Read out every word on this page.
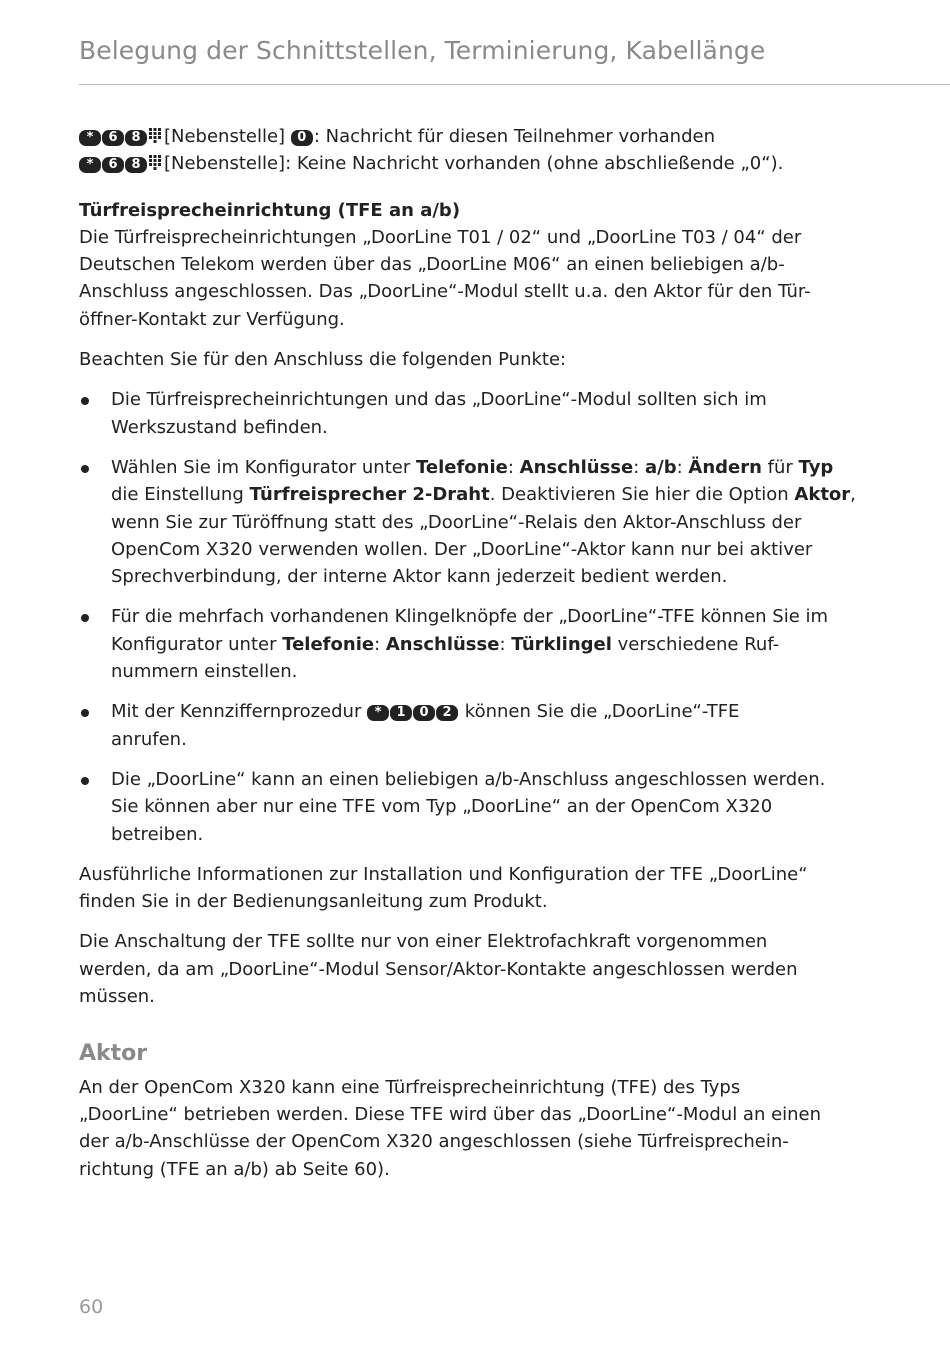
Belegung der Schnittstellen, Terminierung, Kabellänge
* 6 8 [Nebenstelle] 0 : Nachricht für diesen Teilnehmer vorhanden
* 6 8 [Nebenstelle]: Keine Nachricht vorhanden (ohne abschließende „0“).

Türfreisprecheinrichtung (TFE an a/b)
Die Türfreisprecheinrichtungen „DoorLine T01 / 02“ und „DoorLine T03 / 04“ der
Deutschen Telekom werden über das „DoorLine M06“ an einen beliebigen a/b-
Anschluss angeschlossen. Das „DoorLine“-Modul stellt u.a. den Aktor für den Tür-
öffner-Kontakt zur Verfügung.

Beachten Sie für den Anschluss die folgenden Punkte:

Die Türfreisprecheinrichtungen und das „DoorLine“-Modul sollten sich im
Werkszustand befinden.
Wählen Sie im Konfigurator unter Telefonie: Anschlüsse: a/b: Ändern für Typ
die Einstellung Türfreisprecher 2-Draht. Deaktivieren Sie hier die Option Aktor,
wenn Sie zur Türöffnung statt des „DoorLine“-Relais den Aktor-Anschluss der
OpenCom X320 verwenden wollen. Der „DoorLine“-Aktor kann nur bei aktiver
Sprechverbindung, der interne Aktor kann jederzeit bedient werden.
Für die mehrfach vorhandenen Klingelknöpfe der „DoorLine“-TFE können Sie im
Konfigurator unter Telefonie: Anschlüsse: Türklingel verschiedene Ruf-
nummern einstellen.
Mit der Kennziffernprozedur * 1 0 2 können Sie die „DoorLine“-TFE
anrufen.
Die „DoorLine“ kann an einen beliebigen a/b-Anschluss angeschlossen werden.
Sie können aber nur eine TFE vom Typ „DoorLine“ an der OpenCom X320
betreiben.

Ausführliche Informationen zur Installation und Konfiguration der TFE „DoorLine“
finden Sie in der Bedienungsanleitung zum Produkt.

Die Anschaltung der TFE sollte nur von einer Elektrofachkraft vorgenommen
werden, da am „DoorLine“-Modul Sensor/Aktor-Kontakte angeschlossen werden
müssen.

Aktor

An der OpenCom X320 kann eine Türfreisprecheinrichtung (TFE) des Typs
„DoorLine“ betrieben werden. Diese TFE wird über das „DoorLine“-Modul an einen
der a/b-Anschlüsse der OpenCom X320 angeschlossen (siehe Türfreisprechein-
richtung (TFE an a/b) ab Seite 60).

60
